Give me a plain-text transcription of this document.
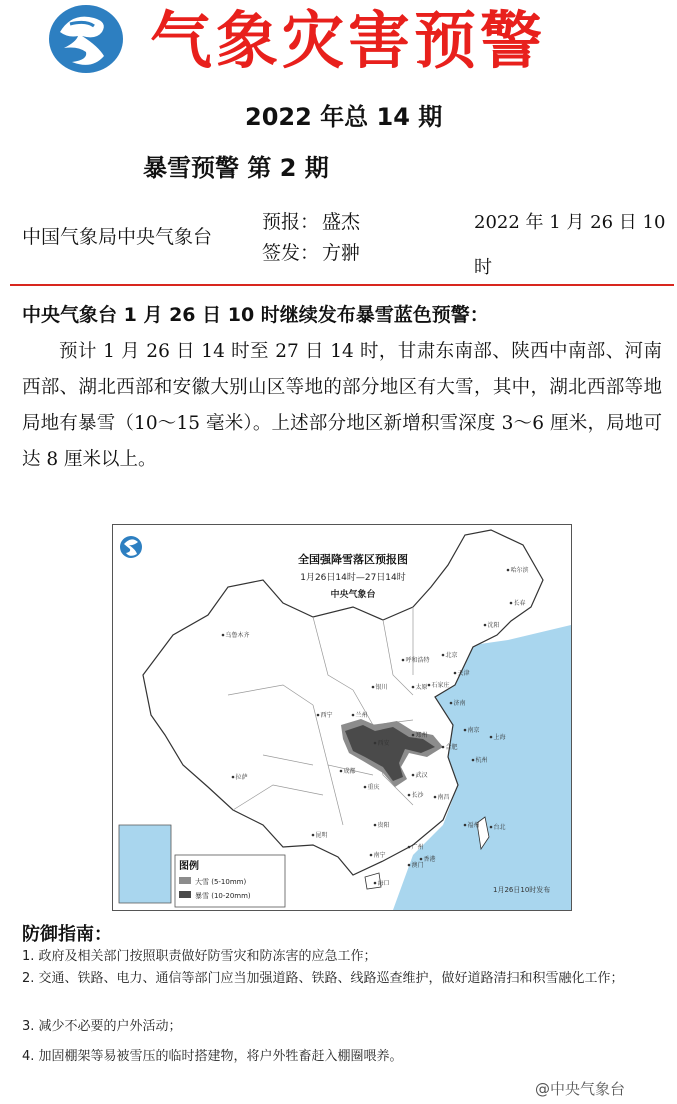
气象灾害预警
2022 年总 14 期
暴雪预警 第 2 期
中国气象局中央气象台
预报： 盛杰
签发： 方翀
2022 年 1 月 26 日 10
时
中央气象台 1 月 26 日 10 时继续发布暴雪蓝色预警：
预计 1 月 26 日 14 时至 27 日 14 时，甘肃东南部、陕西中南部、河南西部、湖北西部和安徽大别山区等地的部分地区有大雪，其中，湖北西部等地局地有暴雪（10～15 毫米）。上述部分地区新增积雪深度 3～6 厘米，局地可达 8 厘米以上。
全国强降雪落区预报图
1月26日14时—27日14时
中央气象台
乌鲁木齐
哈尔滨
长春
沈阳
北京
天津
呼和浩特
太原 石家庄
济南
银川
兰州
西宁
西安
郑州
合肥
南京
上海
杭州
武汉
成都
重庆
长沙 南昌
拉萨
福州 台北
贵阳
昆明
南宁
广州
香港
澳门
海口
图例
大雪 (5-10mm)
暴雪 (10-20mm)
1月26日10时发布
防御指南：
1. 政府及相关部门按照职责做好防雪灾和防冻害的应急工作；
2. 交通、铁路、电力、通信等部门应当加强道路、铁路、线路巡查维护，做好道路清扫和积雪融化工作；
3. 减少不必要的户外活动；
4. 加固棚架等易被雪压的临时搭建物，将户外牲畜赶入棚圈喂养。
@中央气象台
